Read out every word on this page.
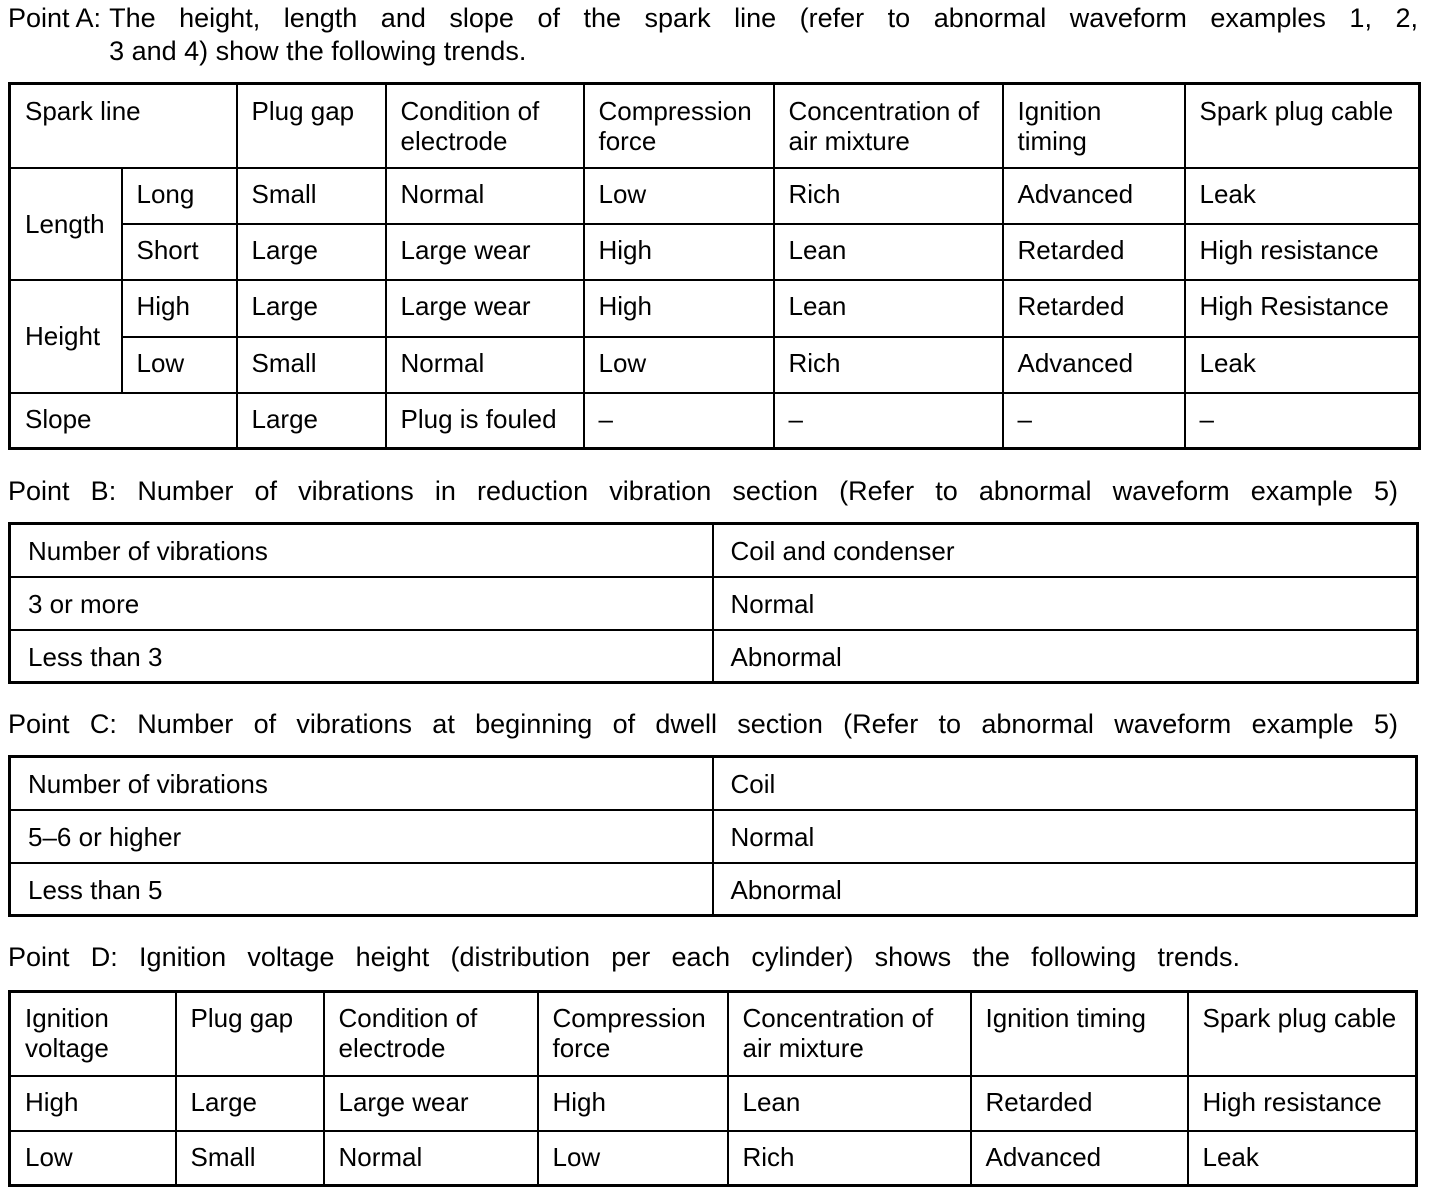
Point A: The height, length and slope of the spark line (refer to abnormal waveform examples 1, 2,
3 and 4) show the following trends.
Spark line		Plug gap	Condition of electrode	Compression force	Concentration of air mixture	Ignition timing	Spark plug cable
Length	Long	Small	Normal	Low	Rich	Advanced	Leak
	Short	Large	Large wear	High	Lean	Retarded	High resistance
Height	High	Large	Large wear	High	Lean	Retarded	High Resistance
	Low	Small	Normal	Low	Rich	Advanced	Leak
Slope		Large	Plug is fouled	–	–	–	–
Point B: Number of vibrations in reduction vibration section (Refer to abnormal waveform example 5)
Number of vibrations	Coil and condenser
3 or more	Normal
Less than 3	Abnormal
Point C: Number of vibrations at beginning of dwell section (Refer to abnormal waveform example 5)
Number of vibrations	Coil
5–6 or higher	Normal
Less than 5	Abnormal
Point D: Ignition voltage height (distribution per each cylinder) shows the following trends.
Ignition voltage	Plug gap	Condition of electrode	Compression force	Concentration of air mixture	Ignition timing	Spark plug cable
High	Large	Large wear	High	Lean	Retarded	High resistance
Low	Small	Normal	Low	Rich	Advanced	Leak
